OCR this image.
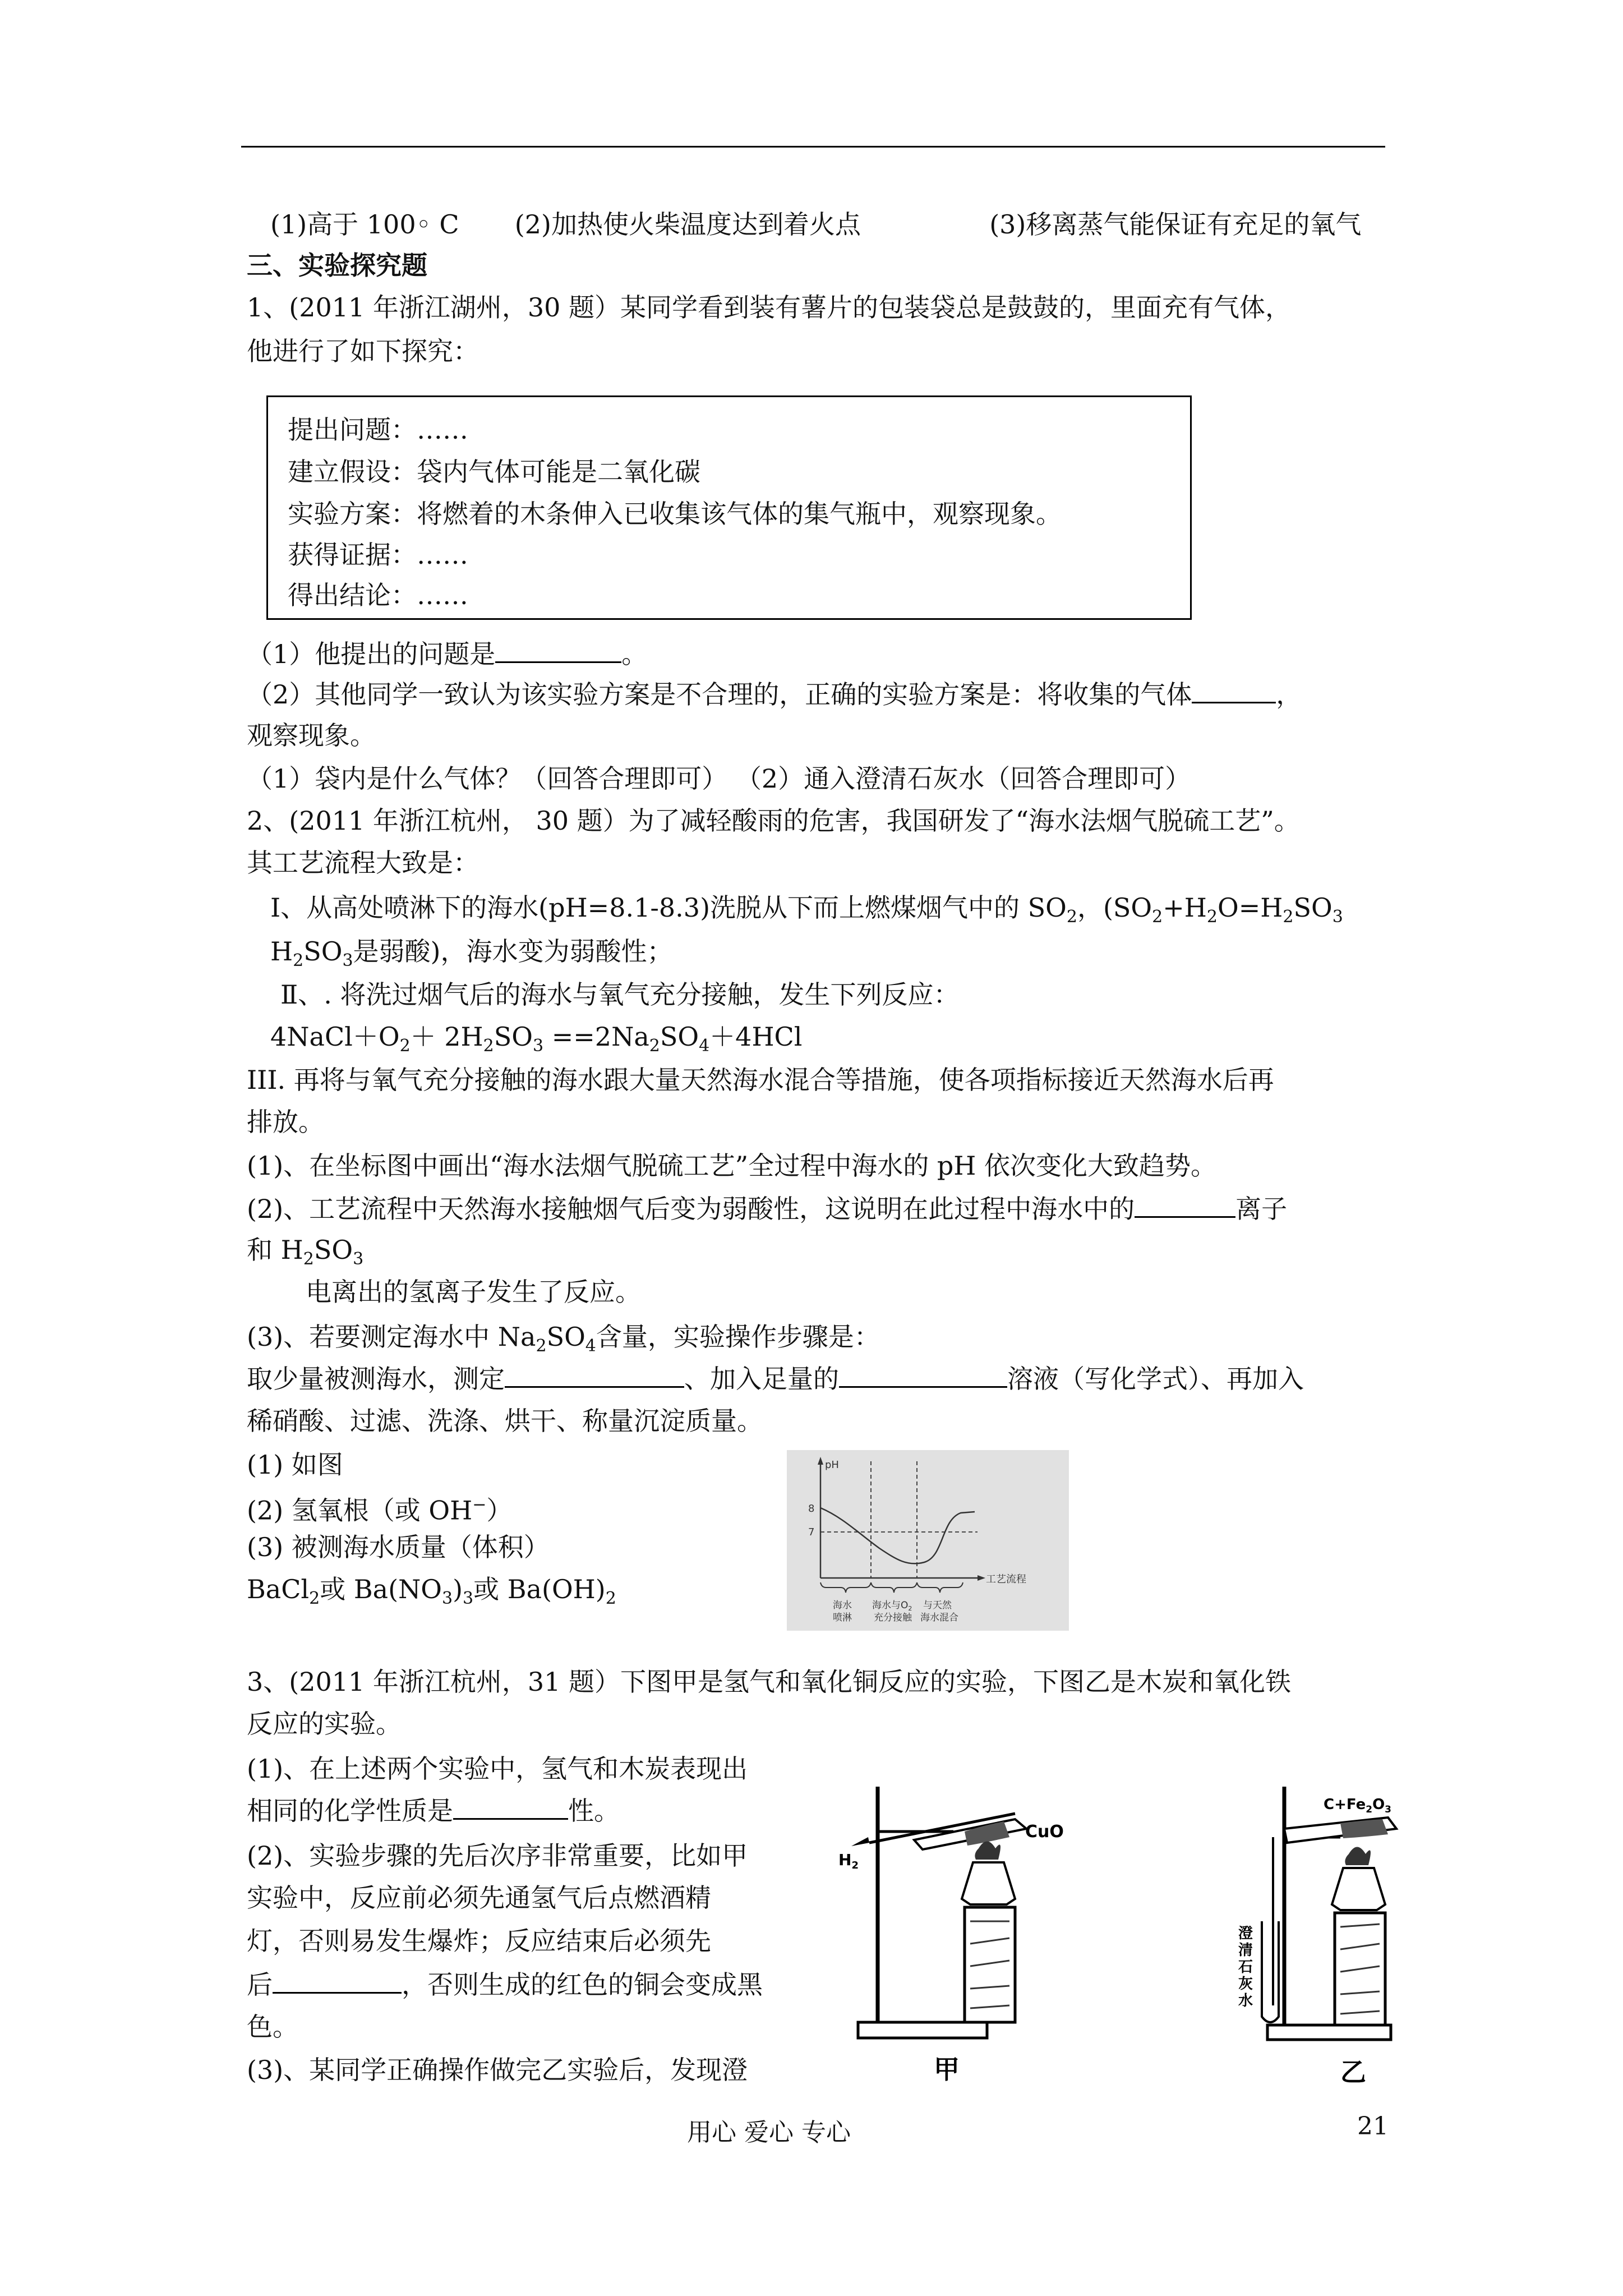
(1)高于 100◦ C (2)加热使火柴温度达到着火点	(3)移离蒸气能保证有充足的氧气
三、实验探究题
1、(2011 年浙江湖州，30 题）某同学看到装有薯片的包装袋总是鼓鼓的，里面充有气体，
他进行了如下探究：
提出问题：……
建立假设：袋内气体可能是二氧化碳
实验方案：将燃着的木条伸入已收集该气体的集气瓶中，观察现象。
获得证据：……
得出结论：……
（1）他提出的问题是	。
（2）其他同学一致认为该实验方案是不合理的，正确的实验方案是：将收集的气体	，
观察现象。
（1）袋内是什么气体？（回答合理即可） （2）通入澄清石灰水（回答合理即可）
2、(2011 年浙江杭州， 30 题）为了减轻酸雨的危害，我国研发了“海水法烟气脱硫工艺”。
其工艺流程大致是：
Ⅰ、从高处喷淋下的海水(pH=8.1-8.3)洗脱从下而上燃煤烟气中的 $SO_2$，($SO_2+H_2O=H_2SO_3$
$H_2SO_3$是弱酸)，海水变为弱酸性；
Ⅱ、. 将洗过烟气后的海水与氧气充分接触，发生下列反应：
$4NaCl+O_2+ 2H_2SO_3 ==2Na_2SO_4+4HCl$
III. 再将与氧气充分接触的海水跟大量天然海水混合等措施，使各项指标接近天然海水后再
排放。
(1)、在坐标图中画出“海水法烟气脱硫工艺”全过程中海水的 pH 依次变化大致趋势。
(2)、工艺流程中天然海水接触烟气后变为弱酸性，这说明在此过程中海水中的	离子
和 $H_2SO_3$
电离出的氢离子发生了反应。
(3)、若要测定海水中 $Na_2SO_4$含量，实验操作步骤是：
取少量被测海水，测定	、加入足量的	溶液（写化学式）、再加入
稀硝酸、过滤、洗涤、烘干、称量沉淀质量。
(1) 如图
(2) 氢氧根（或 OH−）
(3) 被测海水质量（体积）
BaCl$_2$或 $Ba(NO_3)_3$或 $Ba(OH)_2$
pH
工艺流程
8
7
海水
喷淋
海水与$O_2$
充分接触
与天然
海水混合
3、(2011 年浙江杭州，31 题）下图甲是氢气和氧化铜反应的实验，下图乙是木炭和氧化铁
反应的实验。
(1)、在上述两个实验中，氢气和木炭表现出
相同的化学性质是	性。
(2)、实验步骤的先后次序非常重要，比如甲
实验中，反应前必须先通氢气后点燃酒精
灯，否则易发生爆炸；反应结束后必须先
后	，否则生成的红色的铜会变成黑
色。
(3)、某同学正确操作做完乙实验后，发现澄
CuO
$H_2$
甲
$C+Fe_2O_3$
澄
清
石
灰
水
乙
用心 爱心 专心	21
